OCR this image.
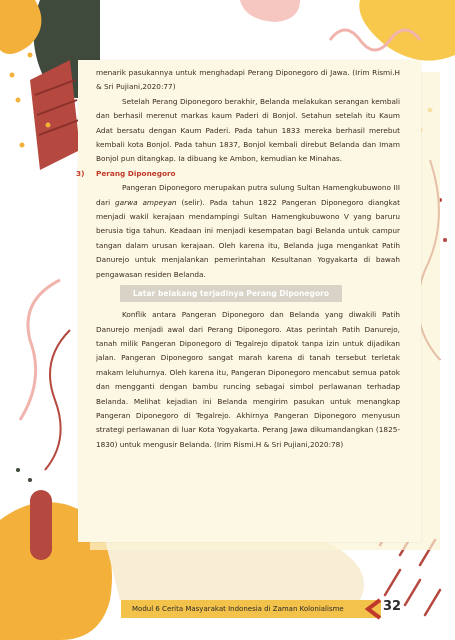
menarik pasukannya untuk menghadapi Perang Diponegoro di Jawa. (Irim Rismi.H & Sri Pujiani,2020:77)

Setelah Perang Diponegoro berakhir, Belanda melakukan serangan kembali dan berhasil merenut markas kaum Paderi di Bonjol. Setahun setelah itu Kaum Adat bersatu dengan Kaum Paderi. Pada tahun 1833 mereka berhasil merebut kembali kota Bonjol. Pada tahun 1837, Bonjol kembali direbut Belanda dan Imam Bonjol pun ditangkap. Ia dibuang ke Ambon, kemudian ke Minahas.

3) Perang Diponegoro

Pangeran Diponegoro merupakan putra sulung Sultan Hamengkubuwono III dari garwa ampeyan (selir). Pada tahun 1822 Pangeran Diponegoro diangkat menjadi wakil kerajaan mendampingi Sultan Hamengkubuwono V yang baruru berusia tiga tahun. Keadaan ini menjadi kesempatan bagi Belanda untuk campur tangan dalam urusan kerajaan. Oleh karena itu, Belanda juga mengankat Patih Danurejo untuk menjalankan pemerintahan Kesultanan Yogyakarta di bawah pengawasan residen Belanda.

Latar belakang terjadinya Perang Diponegoro

Konflik antara Pangeran Diponegoro dan Belanda yang diwakili Patih Danurejo menjadi awal dari Perang Diponegoro. Atas perintah Patih Danurejo, tanah milik Pangeran Diponegoro di Tegalrejo dipatok tanpa izin untuk dijadikan jalan. Pangeran Diponegoro sangat marah karena di tanah tersebut terletak makam leluhurnya. Oleh karena itu, Pangeran Diponegoro mencabut semua patok dan mengganti dengan bambu runcing sebagai simbol perlawanan terhadap Belanda. Melihat kejadian ini Belanda mengirim pasukan untuk menangkap Pangeran Diponegoro di Tegalrejo. Akhirnya Pangeran Diponegoro menyusun strategi perlawanan di luar Kota Yogyakarta. Perang Jawa dikumandangkan (1825-1830) untuk mengusir Belanda. (Irim Rismi.H & Sri Pujiani,2020:78)

Modul 6 Cerita Masyarakat Indonesia di Zaman Kolonialisme	32
